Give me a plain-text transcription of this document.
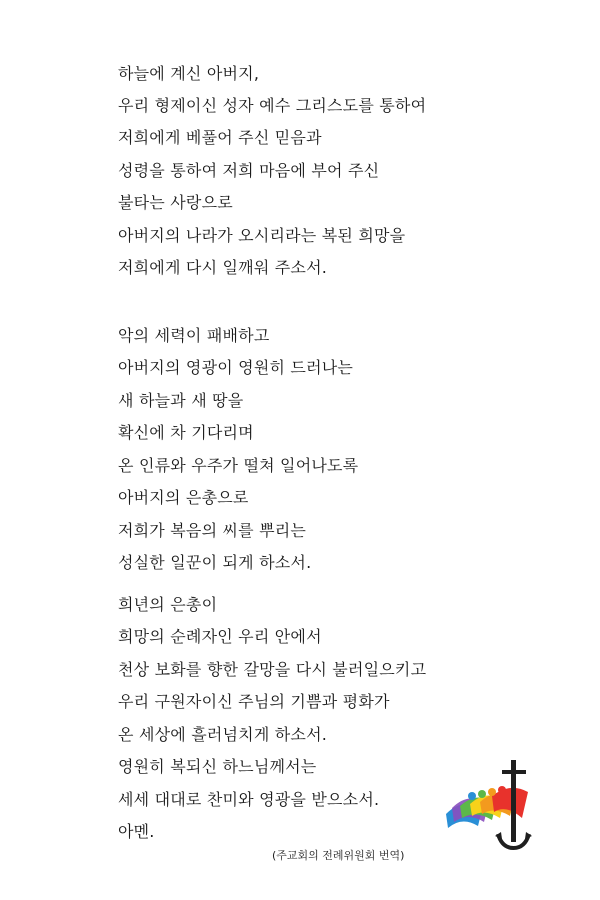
하늘에 계신 아버지,
우리 형제이신 성자 예수 그리스도를 통하여
저희에게 베풀어 주신 믿음과
성령을 통하여 저희 마음에 부어 주신
불타는 사랑으로
아버지의 나라가 오시리라는 복된 희망을
저희에게 다시 일깨워 주소서.
악의 세력이 패배하고
아버지의 영광이 영원히 드러나는
새 하늘과 새 땅을
확신에 차 기다리며
온 인류와 우주가 떨쳐 일어나도록
아버지의 은총으로
저희가 복음의 씨를 뿌리는
성실한 일꾼이 되게 하소서.
희년의 은총이
희망의 순례자인 우리 안에서
천상 보화를 향한 갈망을 다시 불러일으키고
우리 구원자이신 주님의 기쁨과 평화가
온 세상에 흘러넘치게 하소서.
영원히 복되신 하느님께서는
세세 대대로 찬미와 영광을 받으소서.
아멘.
(주교회의 전례위원회 번역)
